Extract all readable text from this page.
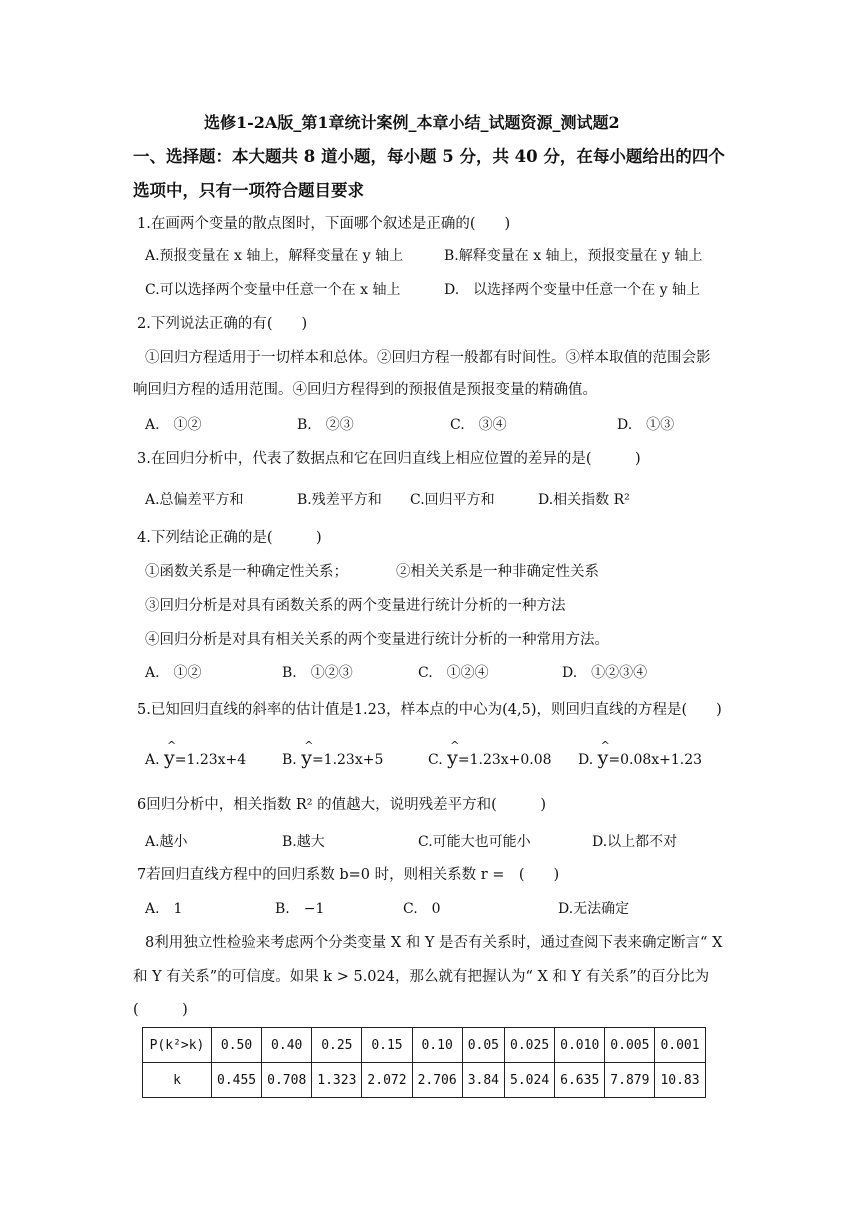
选修1-2A版_第1章统计案例_本章小结_试题资源_测试题2
一、选择题：本大题共 8 道小题，每小题 5 分，共 40 分，在每小题给出的四个
选项中，只有一项符合题目要求
1.在画两个变量的散点图时，下面哪个叙述是正确的(　　)
A.预报变量在 x 轴上，解释变量在 y 轴上	B.解释变量在 x 轴上，预报变量在 y 轴上
C.可以选择两个变量中任意一个在 x 轴上	D.　以选择两个变量中任意一个在 y 轴上
2.下列说法正确的有(　　)
①回归方程适用于一切样本和总体。②回归方程一般都有时间性。③样本取值的范围会影
响回归方程的适用范围。④回归方程得到的预报值是预报变量的精确值。
A.　①②	B.　②③	C.　③④	D.　①③
3.在回归分析中，代表了数据点和它在回归直线上相应位置的差异的是(　　　)
A.总偏差平方和	B.残差平方和 C.回归平方和	D.相关指数 R²
4.下列结论正确的是(　　　)
①函数关系是一种确定性关系；	②相关关系是一种非确定性关系
③回归分析是对具有函数关系的两个变量进行统计分析的一种方法
④回归分析是对具有相关关系的两个变量进行统计分析的一种常用方法。
A.　①②	B.　①②③	C.　①②④	D.　①②③④
5.已知回归直线的斜率的估计值是1.23，样本点的中心为(4,5)，则回归直线的方程是(　　)
A. ^ y=1.23x+4	B. ^ y=1.23x+5	C. ^ y=1.23x+0.08 D. ^ y=0.08x+1.23
6回归分析中，相关指数 R² 的值越大，说明残差平方和(　　　)
A.越小	B.越大	C.可能大也可能小	D.以上都不对
7若回归直线方程中的回归系数 b=0 时，则相关系数 r =　(　　)
A.　1	B.　−1	C.　0	D.无法确定
8利用独立性检验来考虑两个分类变量 X 和 Y 是否有关系时，通过查阅下表来确定断言“ X
和 Y 有关系”的可信度。如果 k > 5.024，那么就有把握认为“ X 和 Y 有关系”的百分比为
(　　　)
P(k²>k)	0.50	0.40	0.25	0.15	0.10	0.05	0.025	0.010	0.005	0.001
k	0.455	0.708	1.323	2.072	2.706	3.84	5.024	6.635	7.879	10.83
